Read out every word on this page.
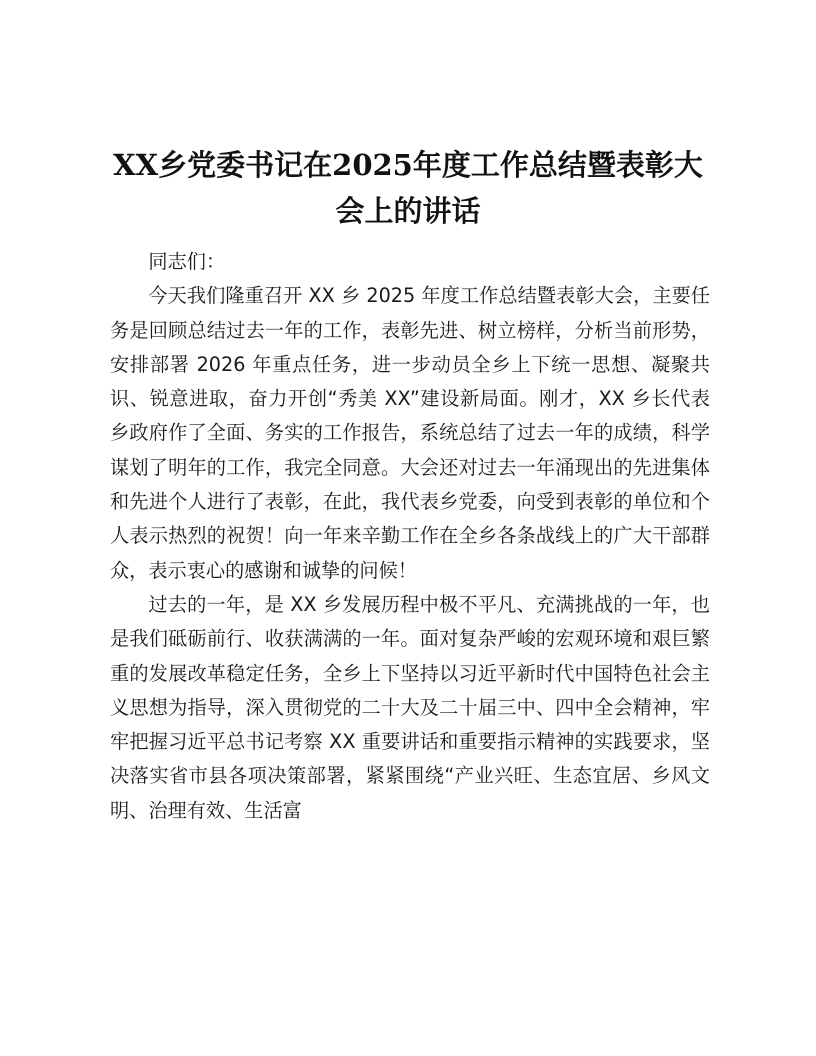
XX乡党委书记在2025年度工作总结暨表彰大会上的讲话

同志们：

今天我们隆重召开 XX 乡 2025 年度工作总结暨表彰大会，主要任务是回顾总结过去一年的工作，表彰先进、树立榜样，分析当前形势，安排部署 2026 年重点任务，进一步动员全乡上下统一思想、凝聚共识、锐意进取，奋力开创“秀美 XX”建设新局面。刚才，XX 乡长代表乡政府作了全面、务实的工作报告，系统总结了过去一年的成绩，科学谋划了明年的工作，我完全同意。大会还对过去一年涌现出的先进集体和先进个人进行了表彰，在此，我代表乡党委，向受到表彰的单位和个人表示热烈的祝贺！向一年来辛勤工作在全乡各条战线上的广大干部群众，表示衷心的感谢和诚挚的问候！

过去的一年，是 XX 乡发展历程中极不平凡、充满挑战的一年，也是我们砥砺前行、收获满满的一年。面对复杂严峻的宏观环境和艰巨繁重的发展改革稳定任务，全乡上下坚持以习近平新时代中国特色社会主义思想为指导，深入贯彻党的二十大及二十届三中、四中全会精神，牢牢把握习近平总书记考察 XX 重要讲话和重要指示精神的实践要求，坚决落实省市县各项决策部署，紧紧围绕“产业兴旺、生态宜居、乡风文明、治理有效、生活富
